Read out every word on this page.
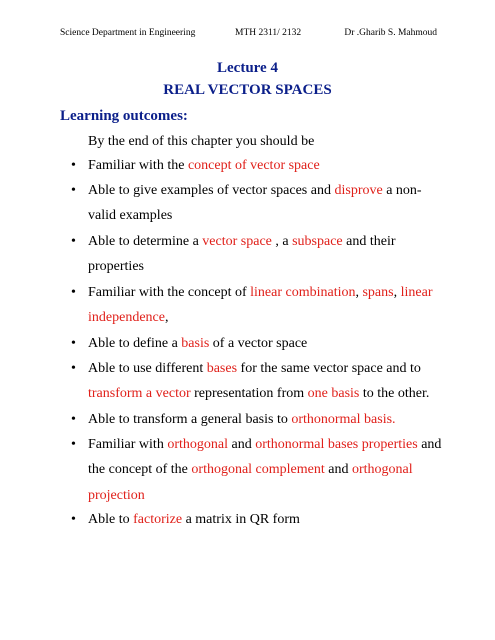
Science Department in Engineering	MTH 2311/ 2132	Dr .Gharib S. Mahmoud
Lecture 4
REAL VECTOR SPACES
Learning outcomes:
By the end of this chapter you should be
• Familiar with the concept of vector space
• Able to give examples of vector spaces and disprove a non-
valid examples
• Able to determine a vector space , a subspace and their
properties
• Familiar with the concept of linear combination, spans, linear
independence,
• Able to define a basis of a vector space
• Able to use different bases for the same vector space and to
transform a vector representation from one basis to the other.
• Able to transform a general basis to orthonormal basis.
• Familiar with orthogonal and orthonormal bases properties and
the concept of the orthogonal complement and orthogonal
projection
• Able to factorize a matrix in QR form
